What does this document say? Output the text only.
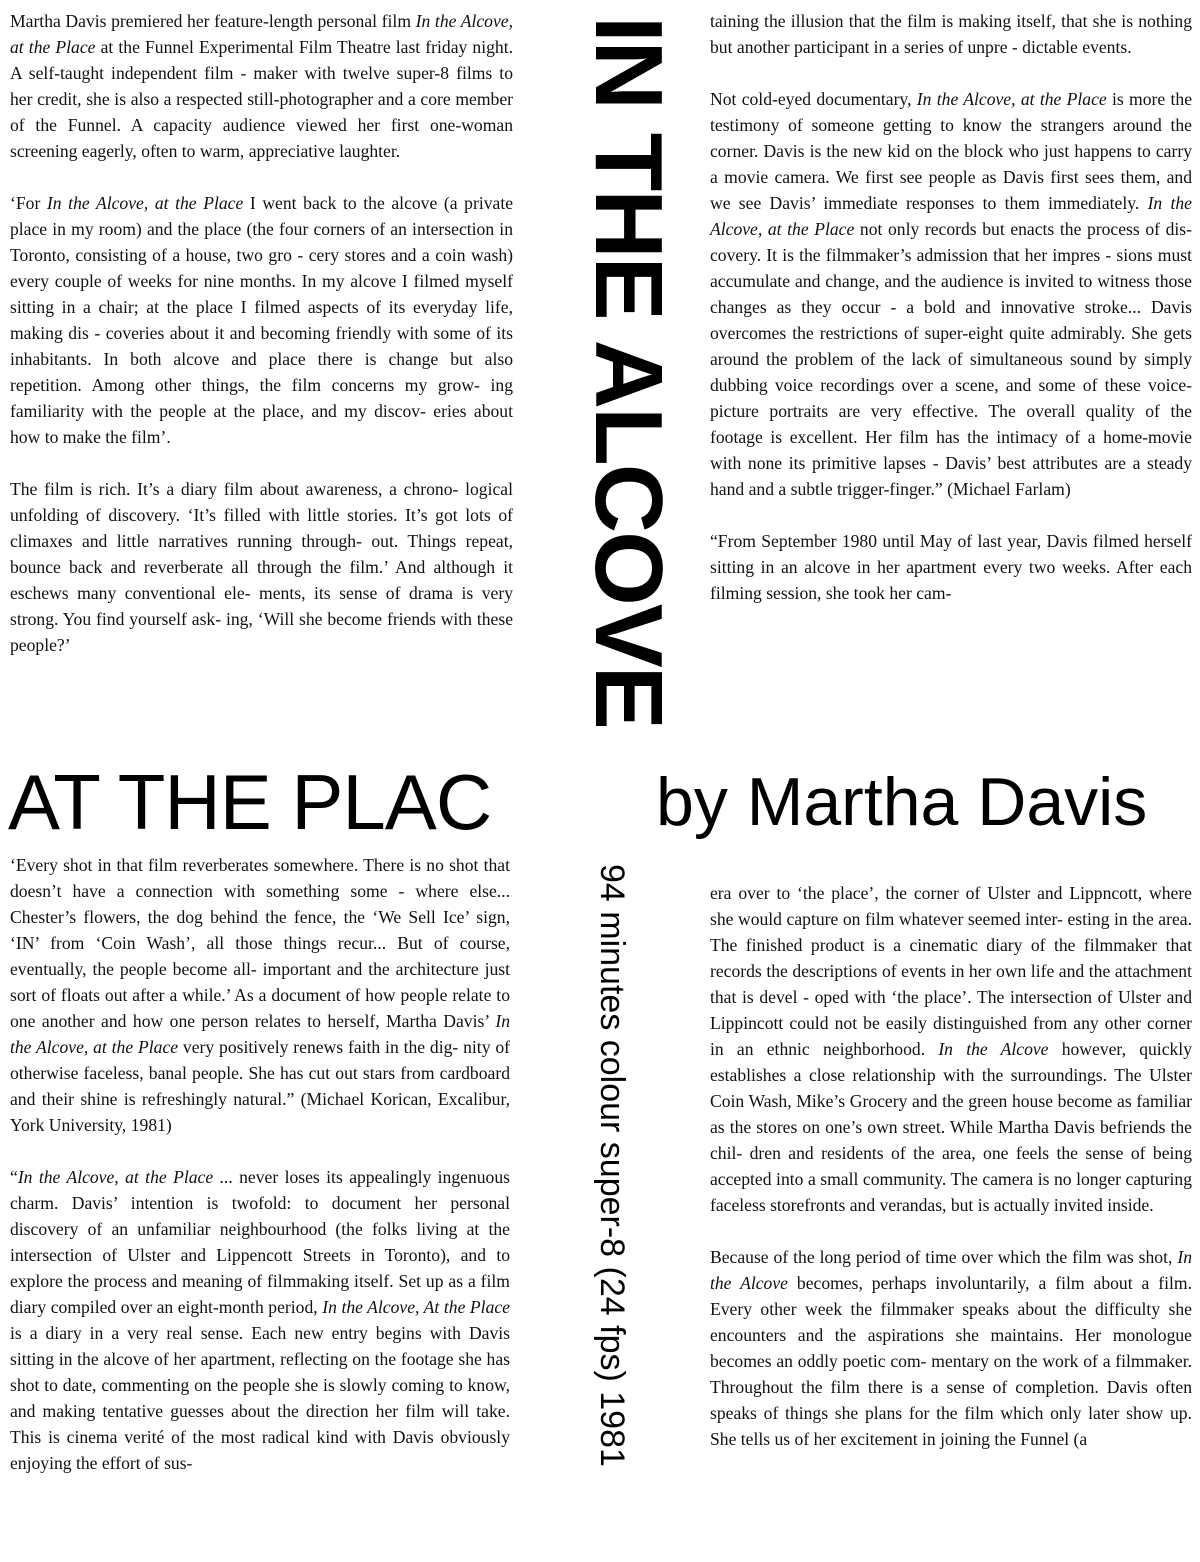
Martha Davis premiered her feature-length personal film In the Alcove, at the Place at the Funnel Experimental Film Theatre last friday night. A self-taught independent film - maker with twelve super-8 films to her credit, she is also a respected still-photographer and a core member of the Funnel. A capacity audience viewed her first one-woman screening eagerly, often to warm, appreciative laughter.

‘For In the Alcove, at the Place I went back to the alcove (a private place in my room) and the place (the four corners of an intersection in Toronto, consisting of a house, two gro - cery stores and a coin wash) every couple of weeks for nine months. In my alcove I filmed myself sitting in a chair; at the place I filmed aspects of its everyday life, making dis - coveries about it and becoming friendly with some of its inhabitants. In both alcove and place there is change but also repetition. Among other things, the film concerns my grow- ing familiarity with the people at the place, and my discov- eries about how to make the film’.

The film is rich. It’s a diary film about awareness, a chrono- logical unfolding of discovery. ‘It’s filled with little stories. It’s got lots of climaxes and little narratives running through- out. Things repeat, bounce back and reverberate all through the film.’ And although it eschews many conventional ele- ments, its sense of drama is very strong. You find yourself ask- ing, ‘Will she become friends with these people?’	IN THE ALCOVE taining the illusion that the film is making itself, that she is nothing but another participant in a series of unpre - dictable events.

Not cold-eyed documentary, In the Alcove, at the Place is more the testimony of someone getting to know the strangers around the corner. Davis is the new kid on the block who just happens to carry a movie camera. We first see people as Davis first sees them, and we see Davis’ immediate responses to them immediately. In the Alcove, at the Place not only records but enacts the process of dis- covery. It is the filmmaker’s admission that her impres - sions must accumulate and change, and the audience is invited to witness those changes as they occur - a bold and innovative stroke... Davis overcomes the restrictions of super-eight quite admirably. She gets around the problem of the lack of simultaneous sound by simply dubbing voice recordings over a scene, and some of these voice- picture portraits are very effective. The overall quality of the footage is excellent. Her film has the intimacy of a home-movie with none its primitive lapses - Davis’ best attributes are a steady hand and a subtle trigger-finger.” (Michael Farlam)

“From September 1980 until May of last year, Davis filmed herself sitting in an alcove in her apartment every two weeks. After each filming session, she took her cam-

AT THE PLAC by Martha Davis

‘Every shot in that film reverberates somewhere. There is no shot that doesn’t have a connection with something some - where else... Chester’s flowers, the dog behind the fence, the ‘We Sell Ice’ sign, ‘IN’ from ‘Coin Wash’, all those things recur... But of course, eventually, the people become all- important and the architecture just sort of floats out after a while.’ As a document of how people relate to one another and how one person relates to herself, Martha Davis’ In the Alcove, at the Place very positively renews faith in the dig- nity of otherwise faceless, banal people. She has cut out stars from cardboard and their shine is refreshingly natural.” (Michael Korican, Excalibur, York University, 1981)

“In the Alcove, at the Place ... never loses its appealingly ingenuous charm. Davis’ intention is twofold: to document her personal discovery of an unfamiliar neighbourhood (the folks living at the intersection of Ulster and Lippencott Streets in Toronto), and to explore the process and meaning of filmmaking itself. Set up as a film diary compiled over an eight-month period, In the Alcove, At the Place is a diary in a very real sense. Each new entry begins with Davis sitting in the alcove of her apartment, reflecting on the footage she has shot to date, commenting on the people she is slowly coming to know, and making tentative guesses about the direction her film will take. This is cinema verité of the most radical kind with Davis obviously enjoying the effort of sus-	94 minutes colour super-8 (24 fps) 1981	era over to ‘the place’, the corner of Ulster and Lippncott, where she would capture on film whatever seemed inter- esting in the area. The finished product is a cinematic diary of the filmmaker that records the descriptions of events in her own life and the attachment that is devel - oped with ‘the place’. The intersection of Ulster and Lippincott could not be easily distinguished from any other corner in an ethnic neighborhood. In the Alcove however, quickly establishes a close relationship with the surroundings. The Ulster Coin Wash, Mike’s Grocery and the green house become as familiar as the stores on one’s own street. While Martha Davis befriends the chil- dren and residents of the area, one feels the sense of being accepted into a small community. The camera is no longer capturing faceless storefronts and verandas, but is actually invited inside.

Because of the long period of time over which the film was shot, In the Alcove becomes, perhaps involuntarily, a film about a film. Every other week the filmmaker speaks about the difficulty she encounters and the aspirations she maintains. Her monologue becomes an oddly poetic com- mentary on the work of a filmmaker. Throughout the film there is a sense of completion. Davis often speaks of things she plans for the film which only later show up. She tells us of her excitement in joining the Funnel (a
